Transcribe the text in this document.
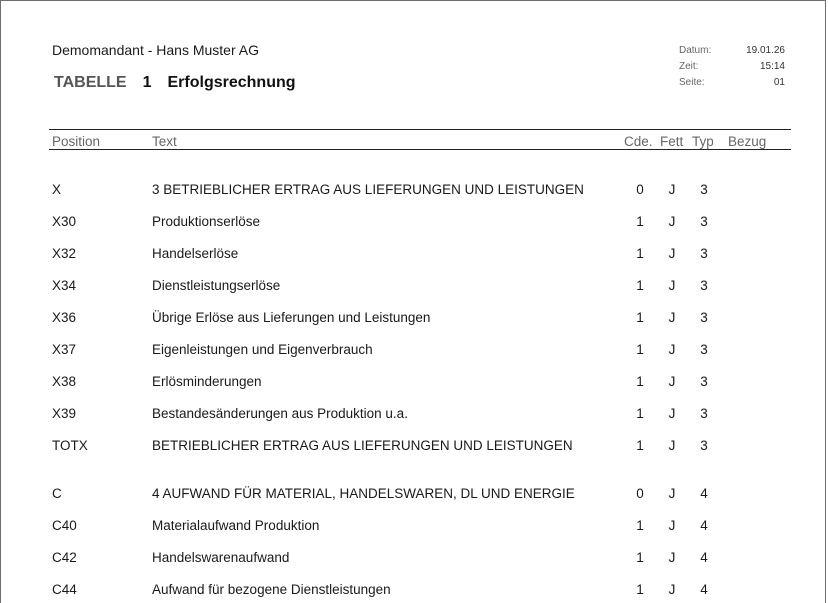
Demomandant - Hans Muster AG
TABELLE 1 Erfolgsrechnung
Datum:	19.01.26
Zeit:	15:14
Seite:	01
Position	Text	Cde. Fett Typ Bezug
X	3 BETRIEBLICHER ERTRAG AUS LIEFERUNGEN UND LEISTUNGEN	0 J 3
X30	Produktionserlöse	1 J 3
X32	Handelserlöse	1 J 3
X34	Dienstleistungserlöse	1 J 3
X36	Übrige Erlöse aus Lieferungen und Leistungen	1 J 3
X37	Eigenleistungen und Eigenverbrauch	1 J 3
X38	Erlösminderungen	1 J 3
X39	Bestandesänderungen aus Produktion u.a.	1 J 3
TOTX	BETRIEBLICHER ERTRAG AUS LIEFERUNGEN UND LEISTUNGEN	1 J 3
C	4 AUFWAND FÜR MATERIAL, HANDELSWAREN, DL UND ENERGIE	0 J 4
C40	Materialaufwand Produktion	1 J 4
C42	Handelswarenaufwand	1 J 4
C44	Aufwand für bezogene Dienstleistungen	1 J 4
